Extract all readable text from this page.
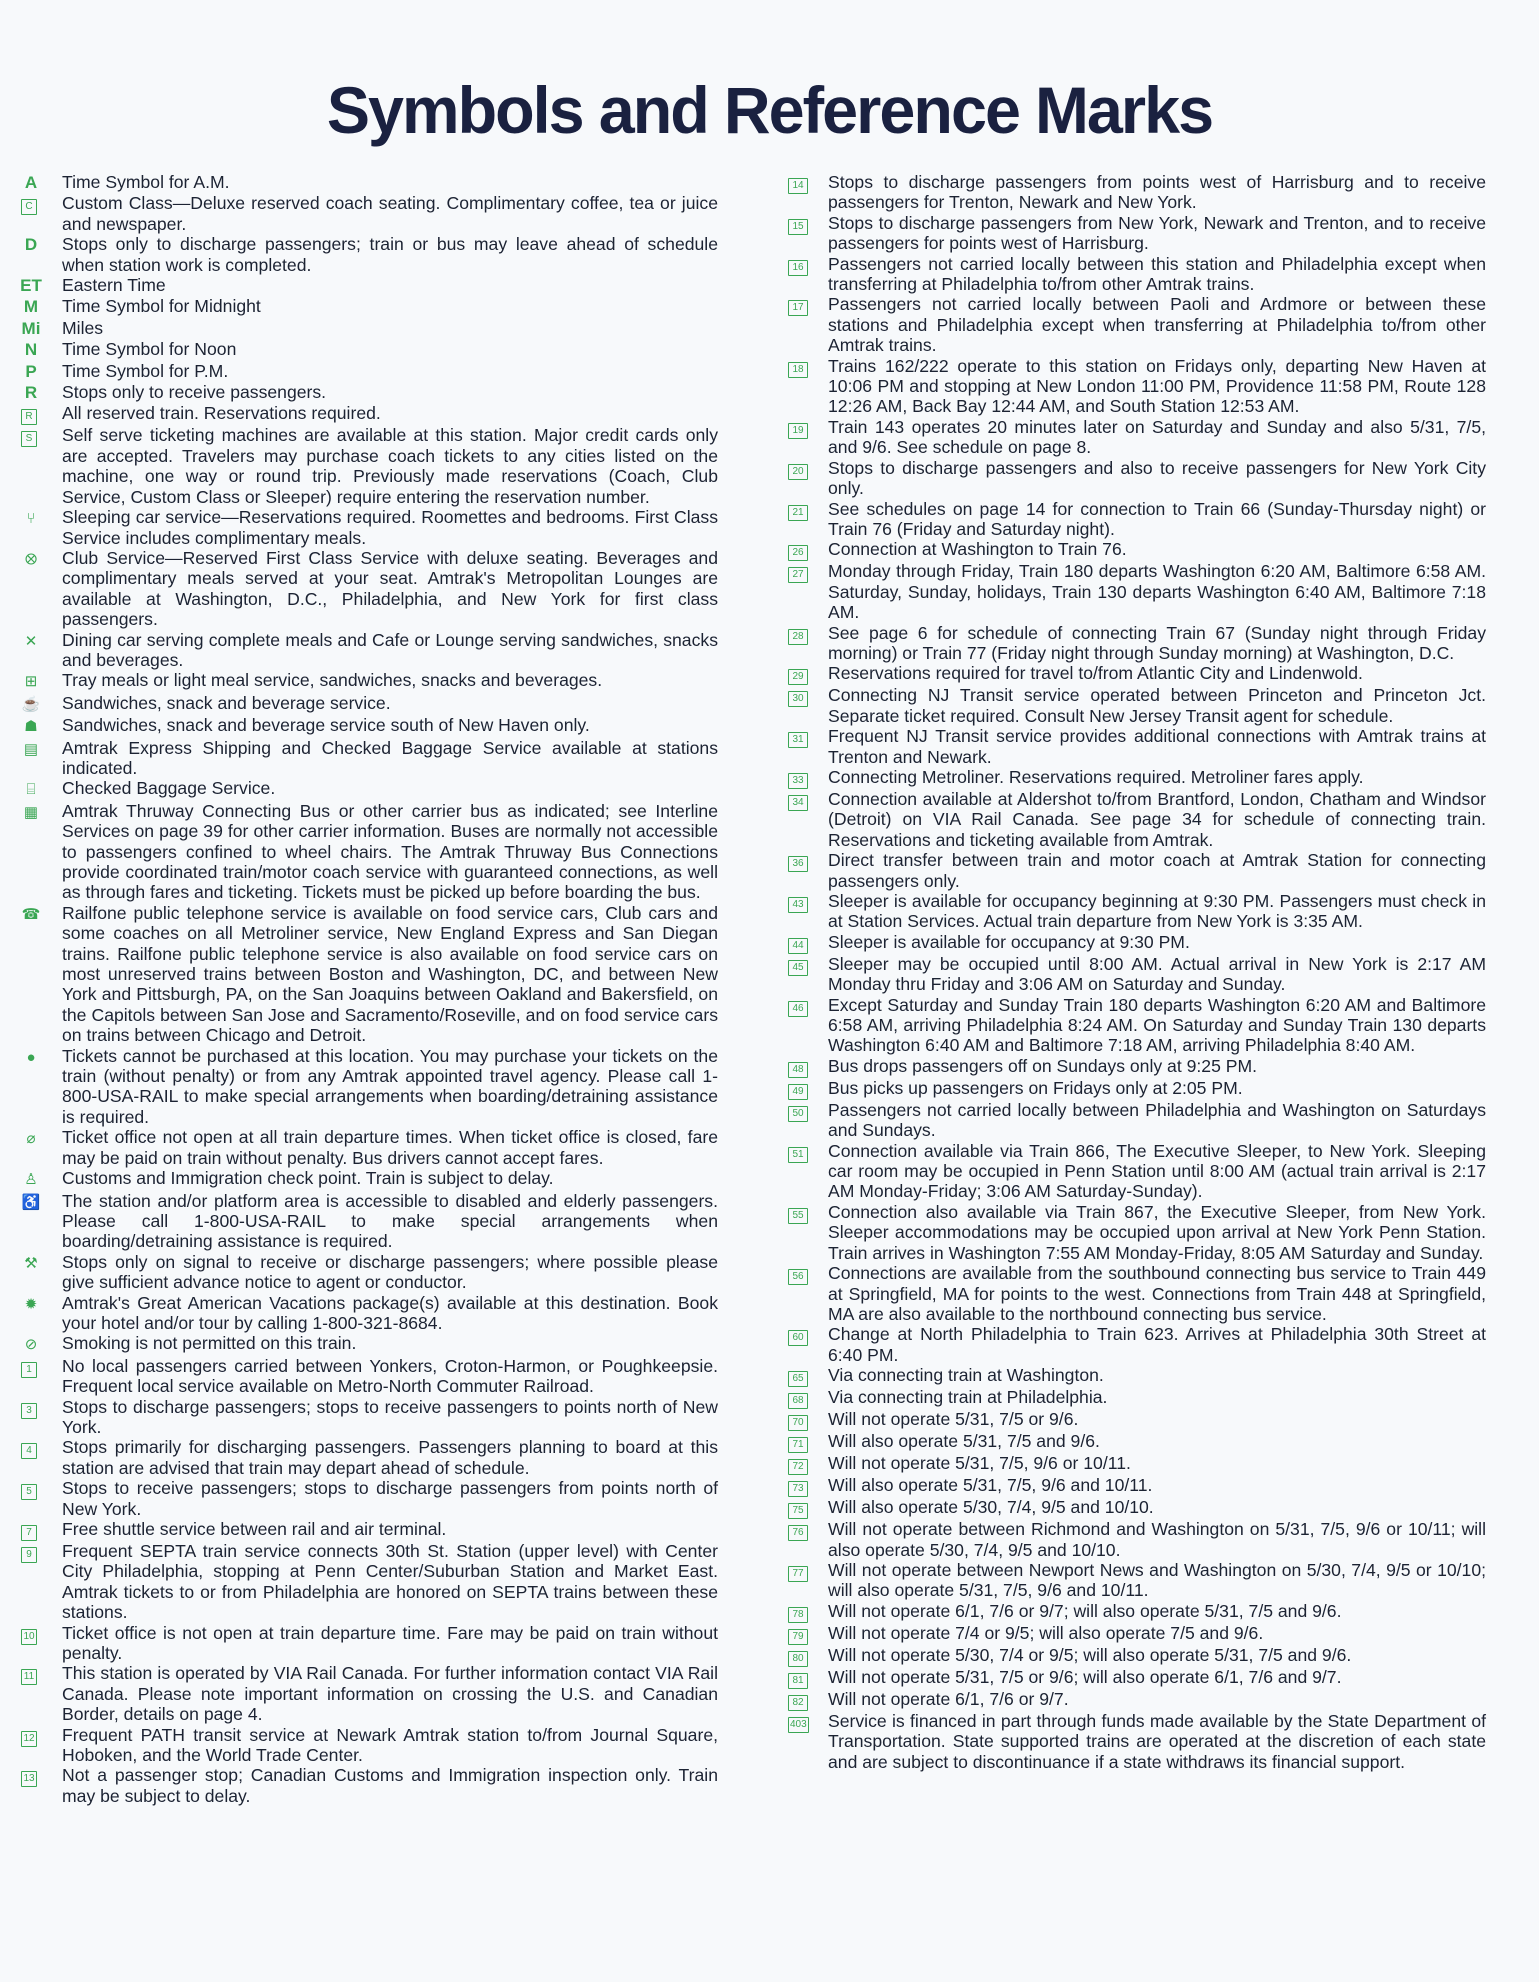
Symbols and Reference Marks
A	Time Symbol for A.M.
C	Custom Class—Deluxe reserved coach seating. Complimentary coffee, tea or juice and newspaper.
D	Stops only to discharge passengers; train or bus may leave ahead of schedule when station work is completed.
ET	Eastern Time
M	Time Symbol for Midnight
Mi	Miles
N	Time Symbol for Noon
P	Time Symbol for P.M.
R	Stops only to receive passengers.
R	All reserved train. Reservations required.
S	Self serve ticketing machines are available at this station. Major credit cards only are accepted. Travelers may purchase coach tickets to any cities listed on the machine, one way or round trip. Previously made reservations (Coach, Club Service, Custom Class or Sleeper) require entering the reservation number.
⑂	Sleeping car service—Reservations required. Roomettes and bedrooms. First Class Service includes complimentary meals.
⭙	Club Service—Reserved First Class Service with deluxe seating. Beverages and complimentary meals served at your seat. Amtrak's Metropolitan Lounges are available at Washington, D.C., Philadelphia, and New York for first class passengers.
✕	Dining car serving complete meals and Cafe or Lounge serving sandwiches, snacks and beverages.
⊞	Tray meals or light meal service, sandwiches, snacks and beverages.
☕	Sandwiches, snack and beverage service.
☗	Sandwiches, snack and beverage service south of New Haven only.
▤	Amtrak Express Shipping and Checked Baggage Service available at stations indicated.
⌸	Checked Baggage Service.
▦	Amtrak Thruway Connecting Bus or other carrier bus as indicated; see Interline Services on page 39 for other carrier information. Buses are normally not accessible to passengers confined to wheel chairs. The Amtrak Thruway Bus Connections provide coordinated train/motor coach service with guaranteed connections, as well as through fares and ticketing. Tickets must be picked up before boarding the bus.
☎	Railfone public telephone service is available on food service cars, Club cars and some coaches on all Metroliner service, New England Express and San Diegan trains. Railfone public telephone service is also available on food service cars on most unreserved trains between Boston and Washington, DC, and between New York and Pittsburgh, PA, on the San Joaquins between Oakland and Bakersfield, on the Capitols between San Jose and Sacramento/Roseville, and on food service cars on trains between Chicago and Detroit.
●	Tickets cannot be purchased at this location. You may purchase your tickets on the train (without penalty) or from any Amtrak appointed travel agency. Please call 1-800-USA-RAIL to make special arrangements when boarding/detraining assistance is required.
⌀	Ticket office not open at all train departure times. When ticket office is closed, fare may be paid on train without penalty. Bus drivers cannot accept fares.
♙	Customs and Immigration check point. Train is subject to delay.
♿	The station and/or platform area is accessible to disabled and elderly passengers. Please call 1-800-USA-RAIL to make special arrangements when boarding/detraining assistance is required.
⚒	Stops only on signal to receive or discharge passengers; where possible please give sufficient advance notice to agent or conductor.
✹	Amtrak's Great American Vacations package(s) available at this destination. Book your hotel and/or tour by calling 1-800-321-8684.
⊘	Smoking is not permitted on this train.
1	No local passengers carried between Yonkers, Croton-Harmon, or Poughkeepsie. Frequent local service available on Metro-North Commuter Railroad.
3	Stops to discharge passengers; stops to receive passengers to points north of New York.
4	Stops primarily for discharging passengers. Passengers planning to board at this station are advised that train may depart ahead of schedule.
5	Stops to receive passengers; stops to discharge passengers from points north of New York.
7	Free shuttle service between rail and air terminal.
9	Frequent SEPTA train service connects 30th St. Station (upper level) with Center City Philadelphia, stopping at Penn Center/Suburban Station and Market East. Amtrak tickets to or from Philadelphia are honored on SEPTA trains between these stations.
10	Ticket office is not open at train departure time. Fare may be paid on train without penalty.
11	This station is operated by VIA Rail Canada. For further information contact VIA Rail Canada. Please note important information on crossing the U.S. and Canadian Border, details on page 4.
12	Frequent PATH transit service at Newark Amtrak station to/from Journal Square, Hoboken, and the World Trade Center.
13	Not a passenger stop; Canadian Customs and Immigration inspection only. Train may be subject to delay.
14	Stops to discharge passengers from points west of Harrisburg and to receive passengers for Trenton, Newark and New York.
15	Stops to discharge passengers from New York, Newark and Trenton, and to receive passengers for points west of Harrisburg.
16	Passengers not carried locally between this station and Philadelphia except when transferring at Philadelphia to/from other Amtrak trains.
17	Passengers not carried locally between Paoli and Ardmore or between these stations and Philadelphia except when transferring at Philadelphia to/from other Amtrak trains.
18	Trains 162/222 operate to this station on Fridays only, departing New Haven at 10:06 PM and stopping at New London 11:00 PM, Providence 11:58 PM, Route 128 12:26 AM, Back Bay 12:44 AM, and South Station 12:53 AM.
19	Train 143 operates 20 minutes later on Saturday and Sunday and also 5/31, 7/5, and 9/6. See schedule on page 8.
20	Stops to discharge passengers and also to receive passengers for New York City only.
21	See schedules on page 14 for connection to Train 66 (Sunday-Thursday night) or Train 76 (Friday and Saturday night).
26	Connection at Washington to Train 76.
27	Monday through Friday, Train 180 departs Washington 6:20 AM, Baltimore 6:58 AM. Saturday, Sunday, holidays, Train 130 departs Washington 6:40 AM, Baltimore 7:18 AM.
28	See page 6 for schedule of connecting Train 67 (Sunday night through Friday morning) or Train 77 (Friday night through Sunday morning) at Washington, D.C.
29	Reservations required for travel to/from Atlantic City and Lindenwold.
30	Connecting NJ Transit service operated between Princeton and Princeton Jct. Separate ticket required. Consult New Jersey Transit agent for schedule.
31	Frequent NJ Transit service provides additional connections with Amtrak trains at Trenton and Newark.
33	Connecting Metroliner. Reservations required. Metroliner fares apply.
34	Connection available at Aldershot to/from Brantford, London, Chatham and Windsor (Detroit) on VIA Rail Canada. See page 34 for schedule of connecting train. Reservations and ticketing available from Amtrak.
36	Direct transfer between train and motor coach at Amtrak Station for connecting passengers only.
43	Sleeper is available for occupancy beginning at 9:30 PM. Passengers must check in at Station Services. Actual train departure from New York is 3:35 AM.
44	Sleeper is available for occupancy at 9:30 PM.
45	Sleeper may be occupied until 8:00 AM. Actual arrival in New York is 2:17 AM Monday thru Friday and 3:06 AM on Saturday and Sunday.
46	Except Saturday and Sunday Train 180 departs Washington 6:20 AM and Baltimore 6:58 AM, arriving Philadelphia 8:24 AM. On Saturday and Sunday Train 130 departs Washington 6:40 AM and Baltimore 7:18 AM, arriving Philadelphia 8:40 AM.
48	Bus drops passengers off on Sundays only at 9:25 PM.
49	Bus picks up passengers on Fridays only at 2:05 PM.
50	Passengers not carried locally between Philadelphia and Washington on Saturdays and Sundays.
51	Connection available via Train 866, The Executive Sleeper, to New York. Sleeping car room may be occupied in Penn Station until 8:00 AM (actual train arrival is 2:17 AM Monday-Friday; 3:06 AM Saturday-Sunday).
55	Connection also available via Train 867, the Executive Sleeper, from New York. Sleeper accommodations may be occupied upon arrival at New York Penn Station. Train arrives in Washington 7:55 AM Monday-Friday, 8:05 AM Saturday and Sunday.
56	Connections are available from the southbound connecting bus service to Train 449 at Springfield, MA for points to the west. Connections from Train 448 at Springfield, MA are also available to the northbound connecting bus service.
60	Change at North Philadelphia to Train 623. Arrives at Philadelphia 30th Street at 6:40 PM.
65	Via connecting train at Washington.
68	Via connecting train at Philadelphia.
70	Will not operate 5/31, 7/5 or 9/6.
71	Will also operate 5/31, 7/5 and 9/6.
72	Will not operate 5/31, 7/5, 9/6 or 10/11.
73	Will also operate 5/31, 7/5, 9/6 and 10/11.
75	Will also operate 5/30, 7/4, 9/5 and 10/10.
76	Will not operate between Richmond and Washington on 5/31, 7/5, 9/6 or 10/11; will also operate 5/30, 7/4, 9/5 and 10/10.
77	Will not operate between Newport News and Washington on 5/30, 7/4, 9/5 or 10/10; will also operate 5/31, 7/5, 9/6 and 10/11.
78	Will not operate 6/1, 7/6 or 9/7; will also operate 5/31, 7/5 and 9/6.
79	Will not operate 7/4 or 9/5; will also operate 7/5 and 9/6.
80	Will not operate 5/30, 7/4 or 9/5; will also operate 5/31, 7/5 and 9/6.
81	Will not operate 5/31, 7/5 or 9/6; will also operate 6/1, 7/6 and 9/7.
82	Will not operate 6/1, 7/6 or 9/7.
403	Service is financed in part through funds made available by the State Department of Transportation. State supported trains are operated at the discretion of each state and are subject to discontinuance if a state withdraws its financial support.
